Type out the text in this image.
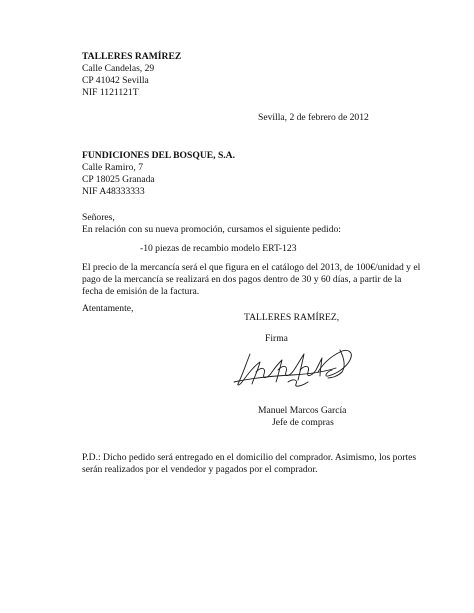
TALLERES RAMÍREZ
Calle Candelas, 29
CP 41042 Sevilla
NIF 1121121T
Sevilla, 2 de febrero de 2012
FUNDICIONES DEL BOSQUE, S.A.
Calle Ramiro, 7
CP 18025 Granada
NIF A48333333
Señores,
En relación con su nueva promoción, cursamos el siguiente pedido:
-10 piezas de recambio modelo ERT-123
El precio de la mercancía será el que figura en el catálogo del 2013, de 100€/unidad y el
pago de la mercancía se realizará en dos pagos dentro de 30 y 60 días, a partir de la
fecha de emisión de la factura.
Atentamente,
TALLERES RAMÍREZ,
Firma
Manuel Marcos García
Jefe de compras
P.D.: Dicho pedido será entregado en el domicilio del comprador. Asimismo, los portes
serán realizados por el vendedor y pagados por el comprador.
